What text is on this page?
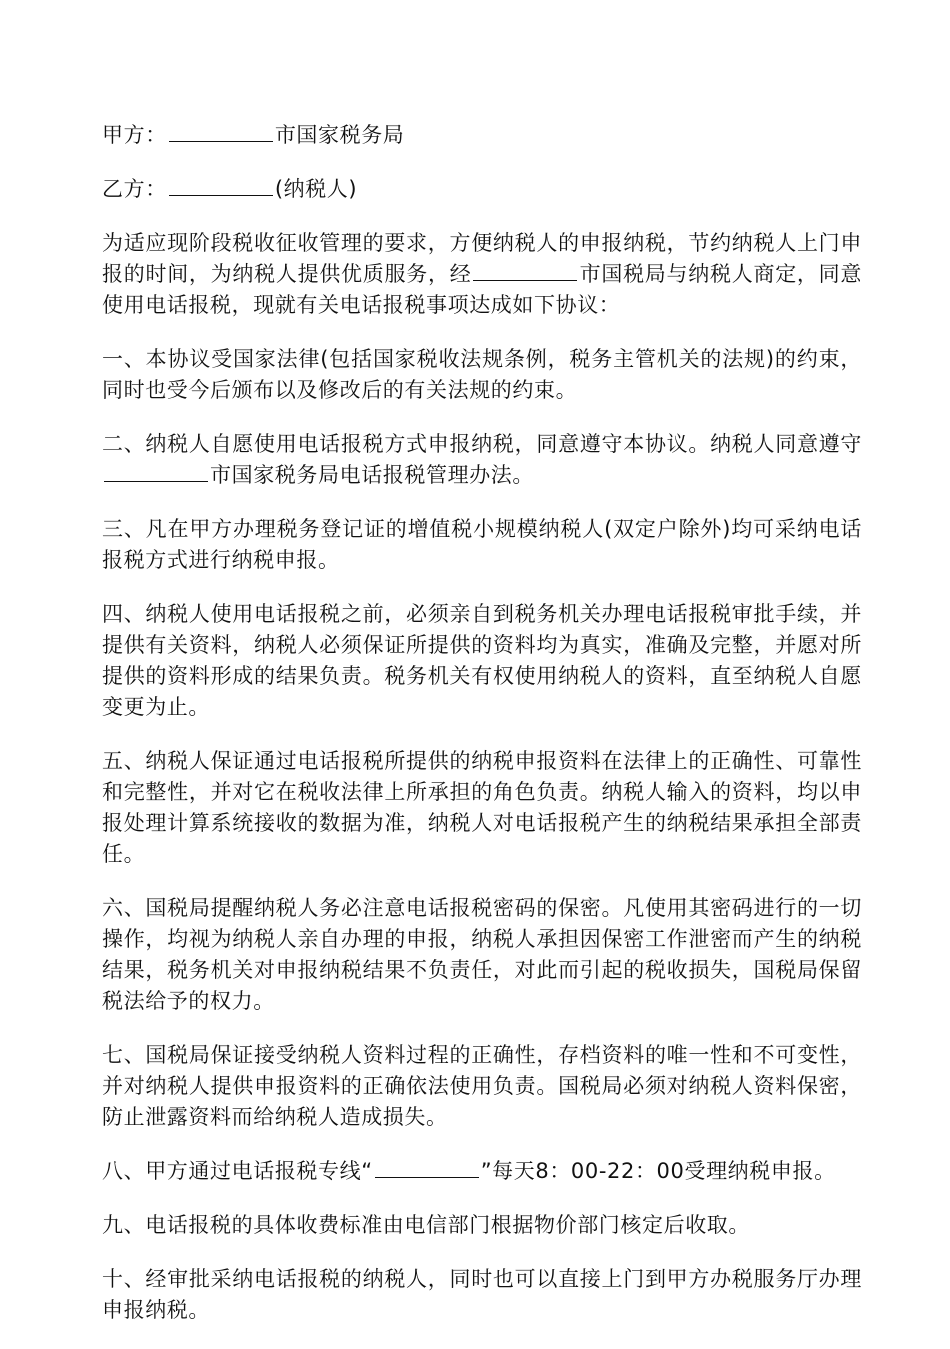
甲方：	市国家税务局

乙方：	(纳税人)

为适应现阶段税收征收管理的要求，方便纳税人的申报纳税，节约纳税人上门申报的时间，为纳税人提供优质服务，经	市国税局与纳税人商定，同意使用电话报税，现就有关电话报税事项达成如下协议：

一、本协议受国家法律(包括国家税收法规条例，税务主管机关的法规)的约束，同时也受今后颁布以及修改后的有关法规的约束。

二、纳税人自愿使用电话报税方式申报纳税，同意遵守本协议。纳税人同意遵守市国家税务局电话报税管理办法。

三、凡在甲方办理税务登记证的增值税小规模纳税人(双定户除外)均可采纳电话报税方式进行纳税申报。

四、纳税人使用电话报税之前，必须亲自到税务机关办理电话报税审批手续，并提供有关资料，纳税人必须保证所提供的资料均为真实，准确及完整，并愿对所提供的资料形成的结果负责。税务机关有权使用纳税人的资料，直至纳税人自愿变更为止。

五、纳税人保证通过电话报税所提供的纳税申报资料在法律上的正确性、可靠性和完整性，并对它在税收法律上所承担的角色负责。纳税人输入的资料，均以申报处理计算系统接收的数据为准，纳税人对电话报税产生的纳税结果承担全部责任。

六、国税局提醒纳税人务必注意电话报税密码的保密。凡使用其密码进行的一切操作，均视为纳税人亲自办理的申报，纳税人承担因保密工作泄密而产生的纳税结果，税务机关对申报纳税结果不负责任，对此而引起的税收损失，国税局保留税法给予的权力。

七、国税局保证接受纳税人资料过程的正确性，存档资料的唯一性和不可变性，并对纳税人提供申报资料的正确依法使用负责。国税局必须对纳税人资料保密，防止泄露资料而给纳税人造成损失。

八、甲方通过电话报税专线“	”每天8：00-22：00受理纳税申报。

九、电话报税的具体收费标准由电信部门根据物价部门核定后收取。

十、经审批采纳电话报税的纳税人，同时也可以直接上门到甲方办税服务厅办理申报纳税。
